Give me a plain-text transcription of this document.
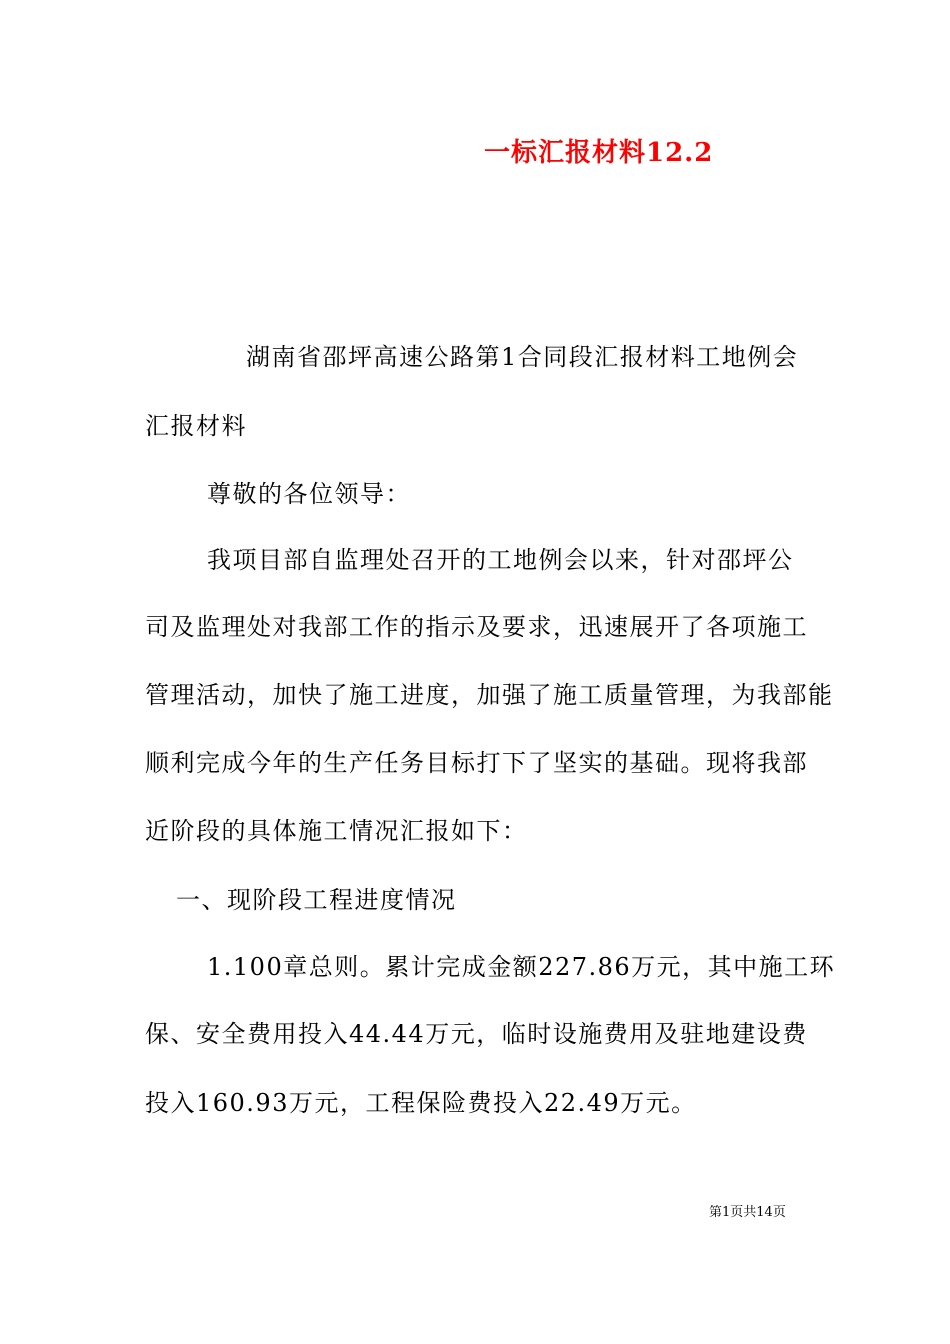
一标汇报材料12.2
湖南省邵坪高速公路第1合同段汇报材料工地例会
汇报材料
尊敬的各位领导：
我项目部自监理处召开的工地例会以来，针对邵坪公
司及监理处对我部工作的指示及要求，迅速展开了各项施工
管理活动，加快了施工进度，加强了施工质量管理，为我部能
顺利完成今年的生产任务目标打下了坚实的基础。现将我部
近阶段的具体施工情况汇报如下：
一、现阶段工程进度情况
1.100章总则。累计完成金额227.86万元，其中施工环
保、安全费用投入44.44万元，临时设施费用及驻地建设费
投入160.93万元，工程保险费投入22.49万元。
第1页共14页
